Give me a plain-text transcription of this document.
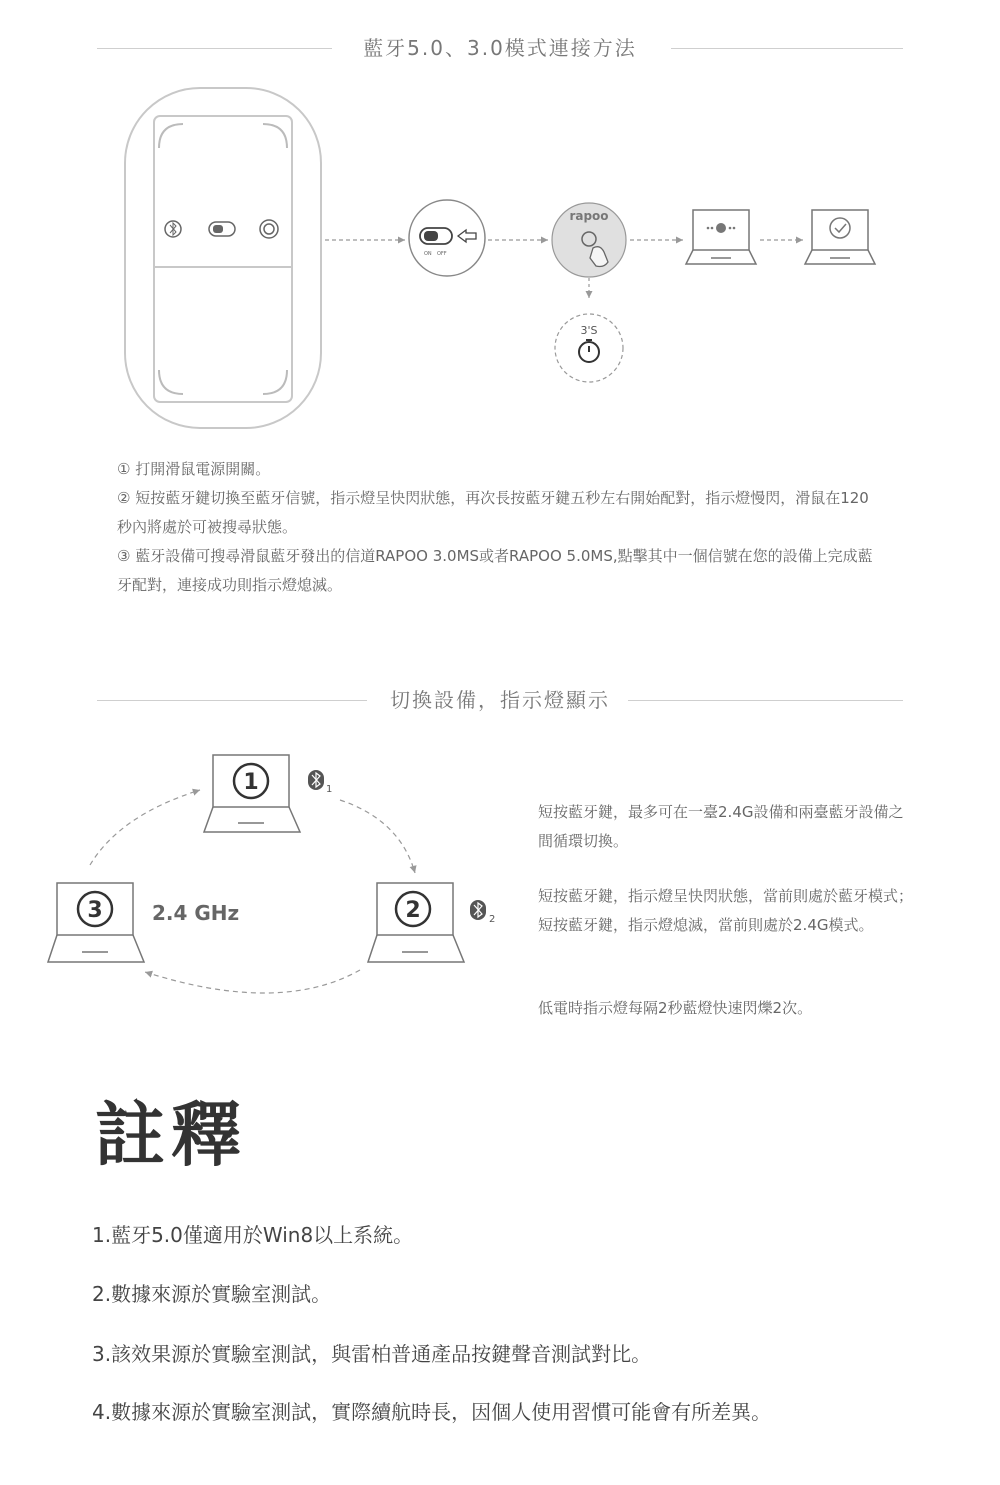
藍牙5.0、3.0模式連接方法
ON OFF
rapoo
3'S

① 打開滑鼠電源開關。

② 短按藍牙鍵切換至藍牙信號，指示燈呈快閃狀態，再次長按藍牙鍵五秒左右開始配對，指示燈慢閃，滑鼠在120秒內將處於可被搜尋狀態。

③ 藍牙設備可搜尋滑鼠藍牙發出的信道RAPOO 3.0MS或者RAPOO 5.0MS,點擊其中一個信號在您的設備上完成藍牙配對，連接成功則指示燈熄滅。

切換設備，指示燈顯示
1	1
2	2
3 2.4 GHz

短按藍牙鍵，最多可在一臺2.4G設備和兩臺藍牙設備之間循環切換。

短按藍牙鍵，指示燈呈快閃狀態，當前則處於藍牙模式；短按藍牙鍵，指示燈熄滅，當前則處於2.4G模式。

低電時指示燈每隔2秒藍燈快速閃爍2次。

註釋
1.藍牙5.0僅適用於Win8以上系統。
2.數據來源於實驗室測試。
3.該效果源於實驗室測試，與雷柏普通產品按鍵聲音測試對比。
4.數據來源於實驗室測試，實際續航時長，因個人使用習慣可能會有所差異。
